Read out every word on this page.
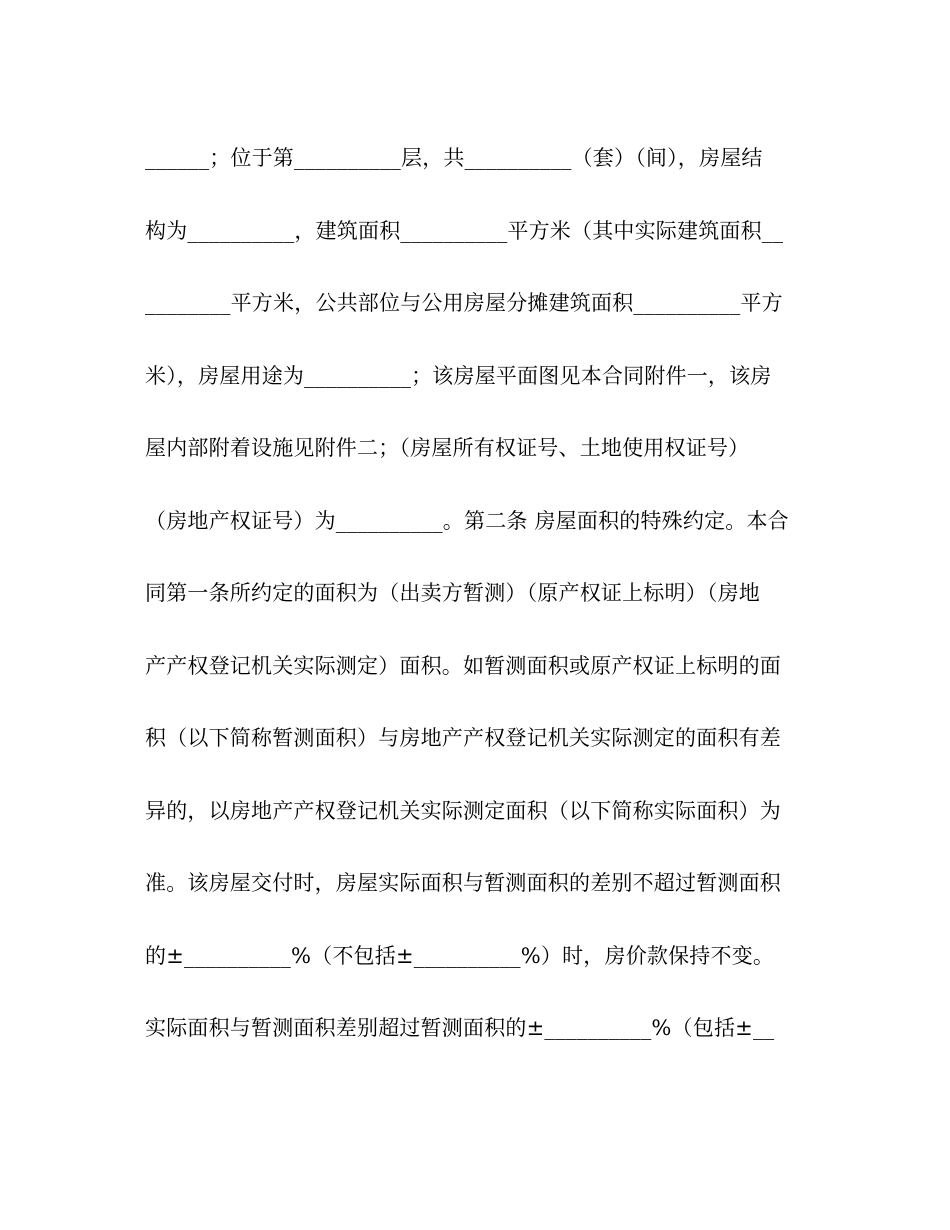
______；位于第__________层，共__________（套）（间），房屋结
构为__________，建筑面积__________平方米（其中实际建筑面积__
________平方米，公共部位与公用房屋分摊建筑面积__________平方
米），房屋用途为__________；该房屋平面图见本合同附件一，该房
屋内部附着设施见附件二；（房屋所有权证号、土地使用权证号）
（房地产权证号）为__________。第二条 房屋面积的特殊约定。本合
同第一条所约定的面积为（出卖方暂测）（原产权证上标明）（房地
产产权登记机关实际测定）面积。如暂测面积或原产权证上标明的面
积（以下简称暂测面积）与房地产产权登记机关实际测定的面积有差
异的，以房地产产权登记机关实际测定面积（以下简称实际面积）为
准。该房屋交付时，房屋实际面积与暂测面积的差别不超过暂测面积
的±__________%（不包括±__________%）时，房价款保持不变。
实际面积与暂测面积差别超过暂测面积的±__________%（包括±__
